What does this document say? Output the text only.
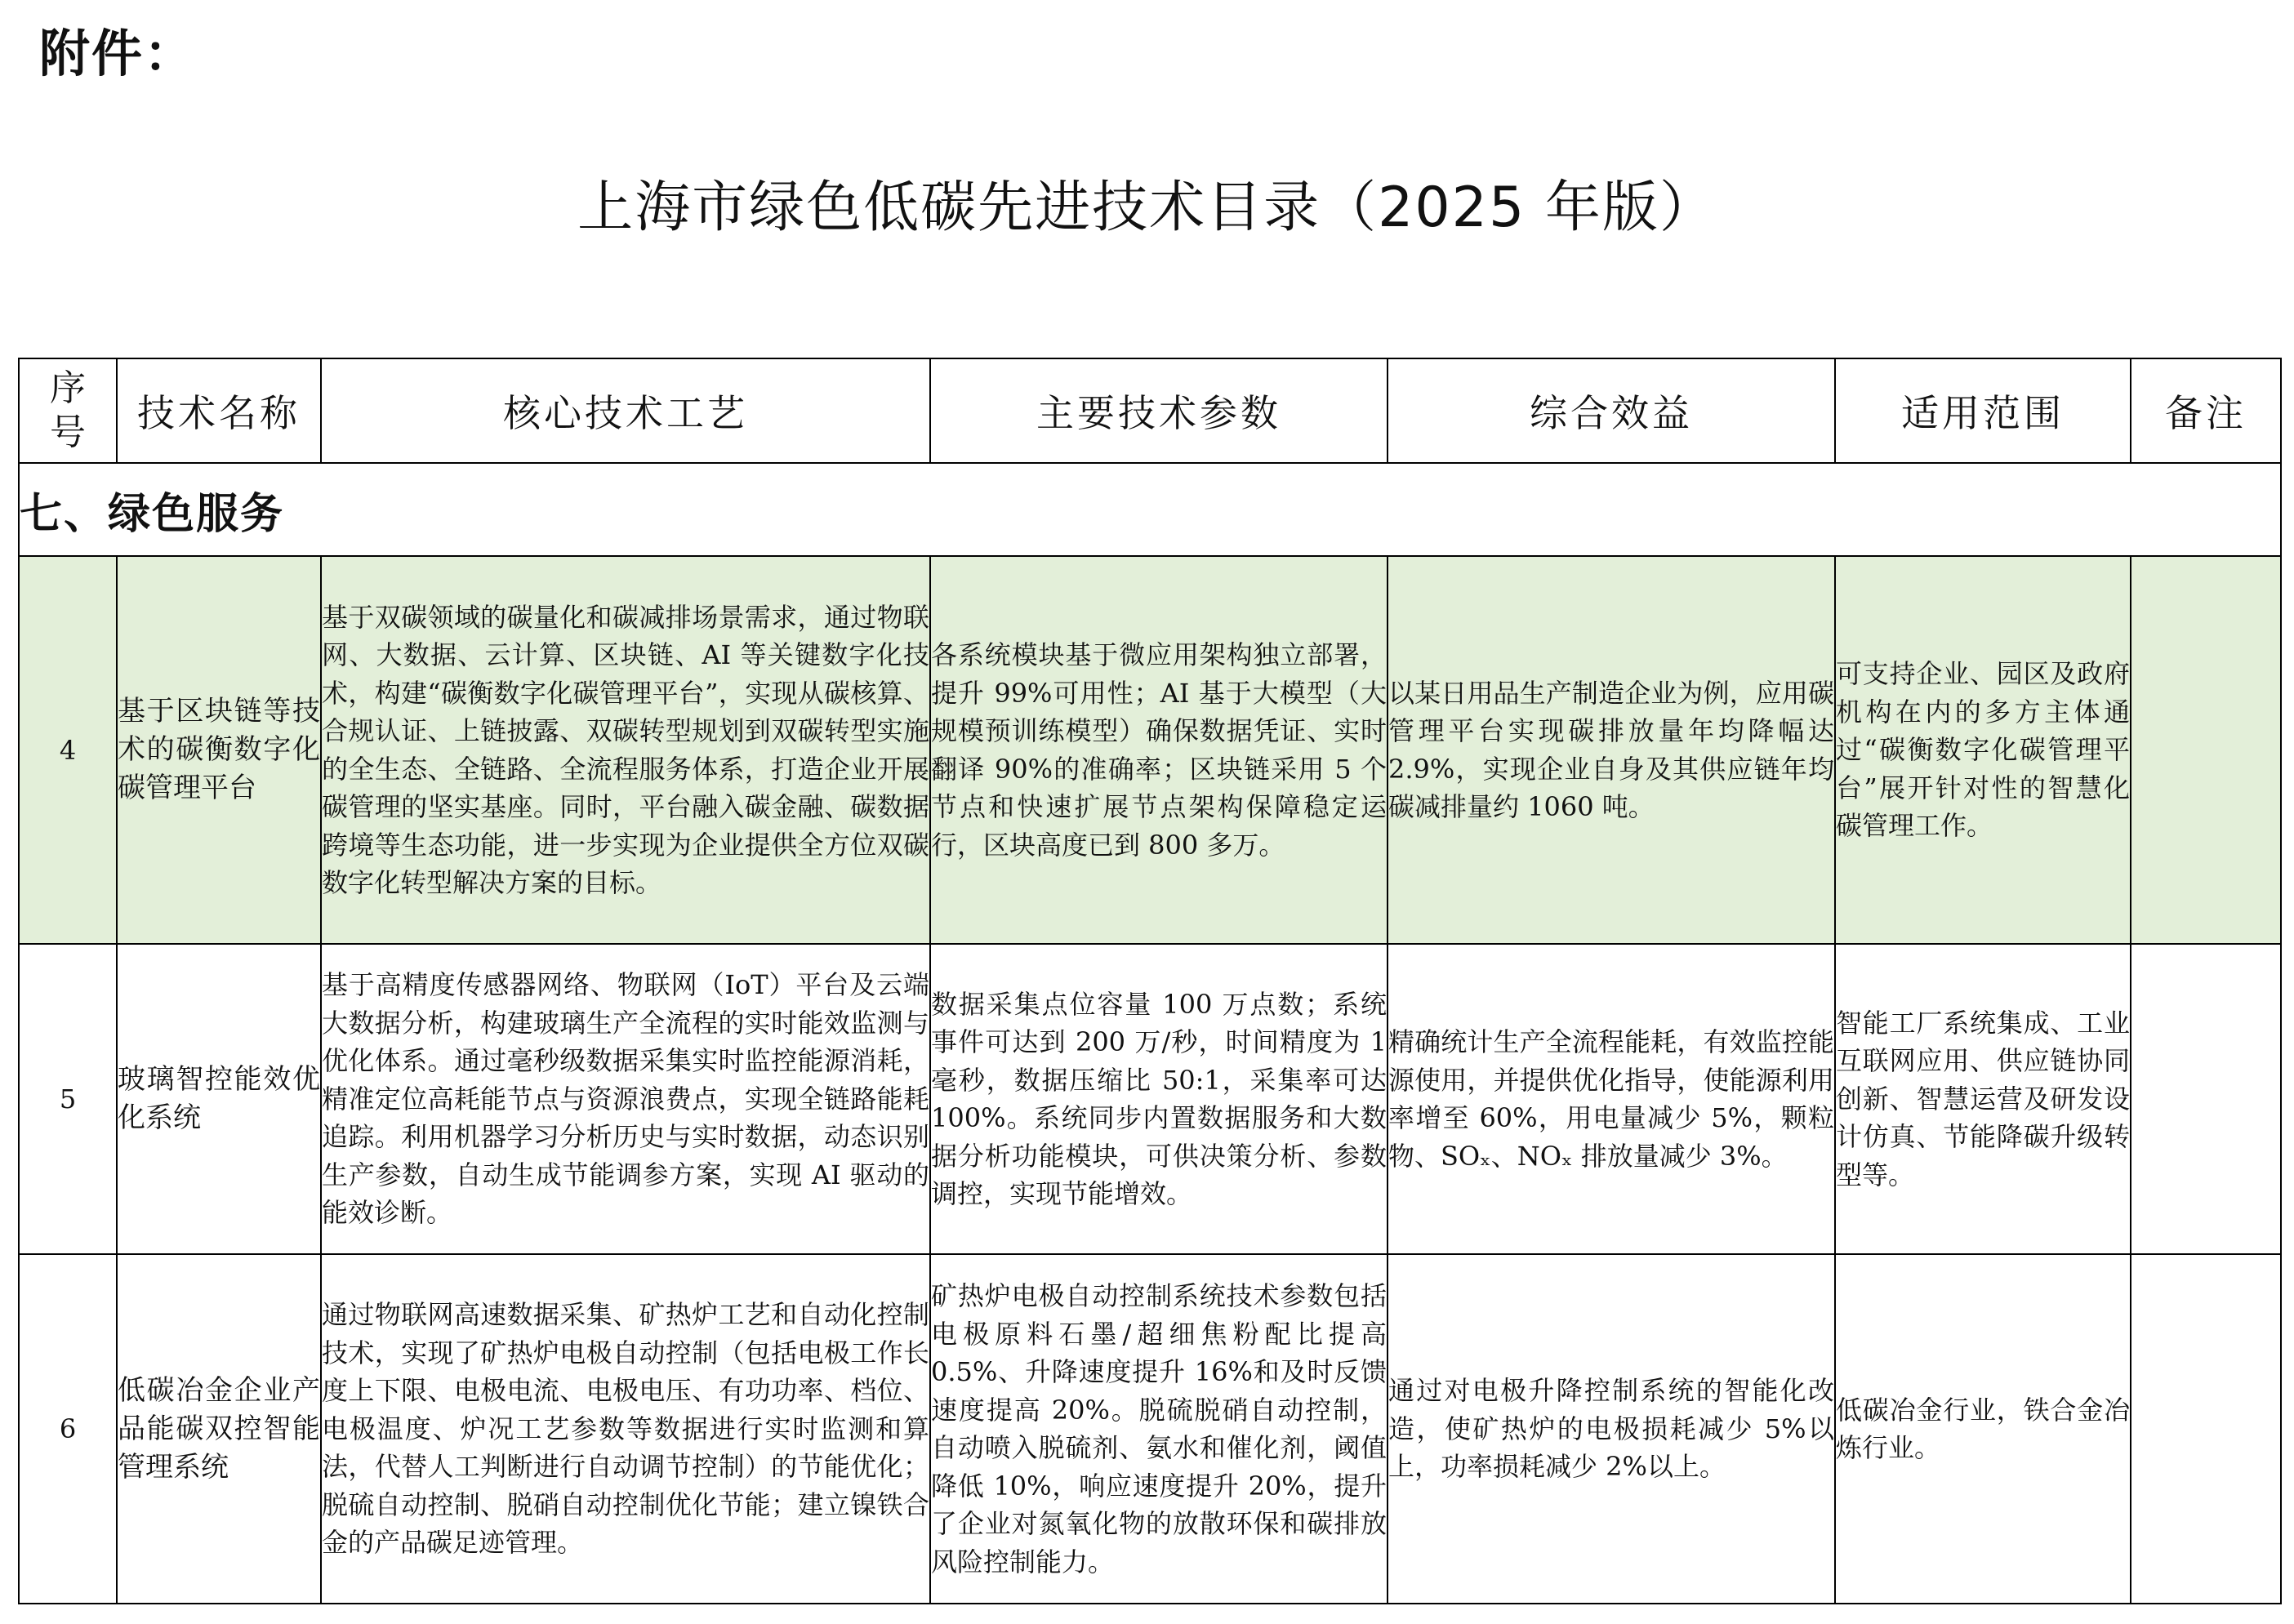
附件：
上海市绿色低碳先进技术目录（2025 年版）
序号	技术名称	核心技术工艺	主要技术参数	综合效益	适用范围	备注
七、绿色服务						
4	基于区块链等技术的碳衡数字化碳管理平台	基于双碳领域的碳量化和碳减排场景需求，通过物联网、大数据、云计算、区块链、AI 等关键数字化技术，构建“碳衡数字化碳管理平台”，实现从碳核算、合规认证、上链披露、双碳转型规划到双碳转型实施的全生态、全链路、全流程服务体系，打造企业开展碳管理的坚实基座。同时，平台融入碳金融、碳数据跨境等生态功能，进一步实现为企业提供全方位双碳数字化转型解决方案的目标。	各系统模块基于微应用架构独立部署，提升 99%可用性；AI 基于大模型（大规模预训练模型）确保数据凭证、实时翻译 90%的准确率；区块链采用 5 个节点和快速扩展节点架构保障稳定运行，区块高度已到 800 多万。	以某日用品生产制造企业为例，应用碳管理平台实现碳排放量年均降幅达 2.9%，实现企业自身及其供应链年均碳减排量约 1060 吨。	可支持企业、园区及政府机构在内的多方主体通过“碳衡数字化碳管理平台”展开针对性的智慧化碳管理工作。	
5	玻璃智控能效优化系统	基于高精度传感器网络、物联网（IoT）平台及云端大数据分析，构建玻璃生产全流程的实时能效监测与优化体系。通过毫秒级数据采集实时监控能源消耗，精准定位高耗能节点与资源浪费点，实现全链路能耗追踪。利用机器学习分析历史与实时数据，动态识别生产参数，自动生成节能调参方案，实现 AI 驱动的能效诊断。	数据采集点位容量 100 万点数；系统事件可达到 200 万/秒，时间精度为 1 毫秒，数据压缩比 50:1，采集率可达 100%。系统同步内置数据服务和大数据分析功能模块，可供决策分析、参数调控，实现节能增效。	精确统计生产全流程能耗，有效监控能源使用，并提供优化指导，使能源利用率增至 60%，用电量减少 5%，颗粒物、SOₓ、NOₓ 排放量减少 3%。	智能工厂系统集成、工业互联网应用、供应链协同创新、智慧运营及研发设计仿真、节能降碳升级转型等。	
6	低碳冶金企业产品能碳双控智能管理系统	通过物联网高速数据采集、矿热炉工艺和自动化控制技术，实现了矿热炉电极自动控制（包括电极工作长度上下限、电极电流、电极电压、有功功率、档位、电极温度、炉况工艺参数等数据进行实时监测和算法，代替人工判断进行自动调节控制）的节能优化；脱硫自动控制、脱硝自动控制优化节能；建立镍铁合金的产品碳足迹管理。	矿热炉电极自动控制系统技术参数包括电极原料石墨/超细焦粉配比提高 0.5%、升降速度提升 16%和及时反馈速度提高 20%。脱硫脱硝自动控制，自动喷入脱硫剂、氨水和催化剂，阈值降低 10%，响应速度提升 20%，提升了企业对氮氧化物的放散环保和碳排放风险控制能力。	通过对电极升降控制系统的智能化改造，使矿热炉的电极损耗减少 5%以上，功率损耗减少 2%以上。	低碳冶金行业，铁合金冶炼行业。	
